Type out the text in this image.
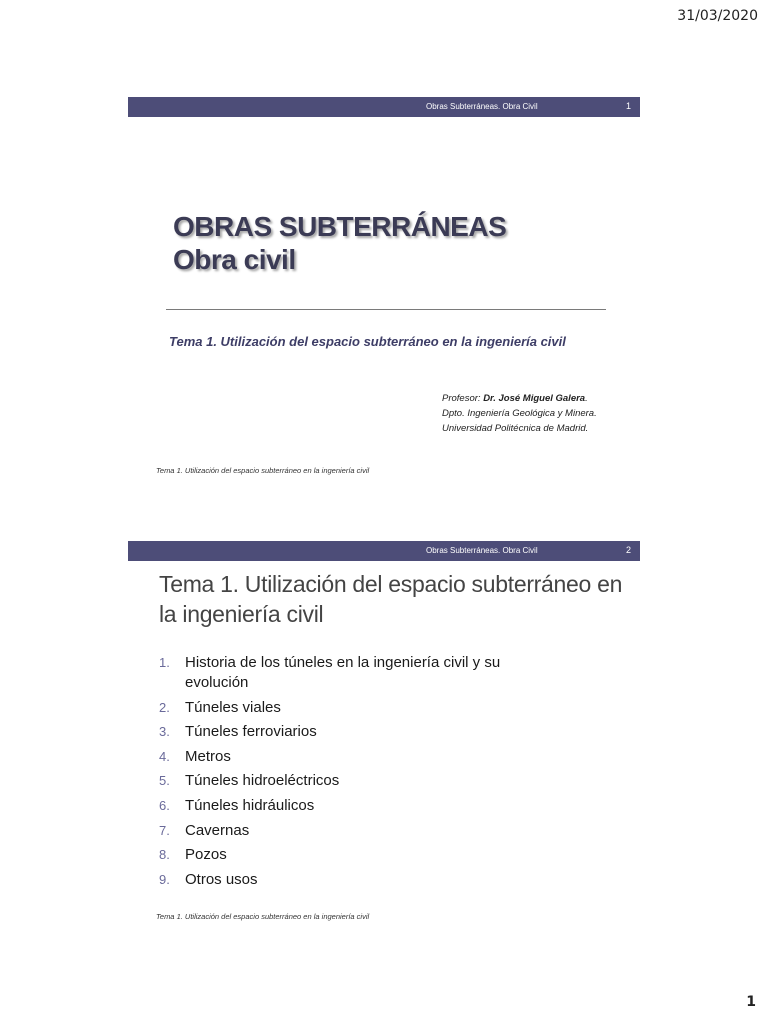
31/03/2020
Obras Subterráneas. Obra Civil	1
OBRAS SUBTERRÁNEAS
Obra civil

Tema 1. Utilización del espacio subterráneo en la ingeniería civil

Profesor: Dr. José Miguel Galera.
Dpto. Ingeniería Geológica y Minera.
Universidad Politécnica de Madrid.
Tema 1. Utilización del espacio subterráneo en la ingeniería civil
Obras Subterráneas. Obra Civil	2
Tema 1. Utilización del espacio subterráneo en la ingeniería civil
1. Historia de los túneles en la ingeniería civil y su evolución
2. Túneles viales
3. Túneles ferroviarios
4. Metros
5. Túneles hidroeléctricos
6. Túneles hidráulicos
7. Cavernas
8. Pozos
9. Otros usos
Tema 1. Utilización del espacio subterráneo en la ingeniería civil
1
